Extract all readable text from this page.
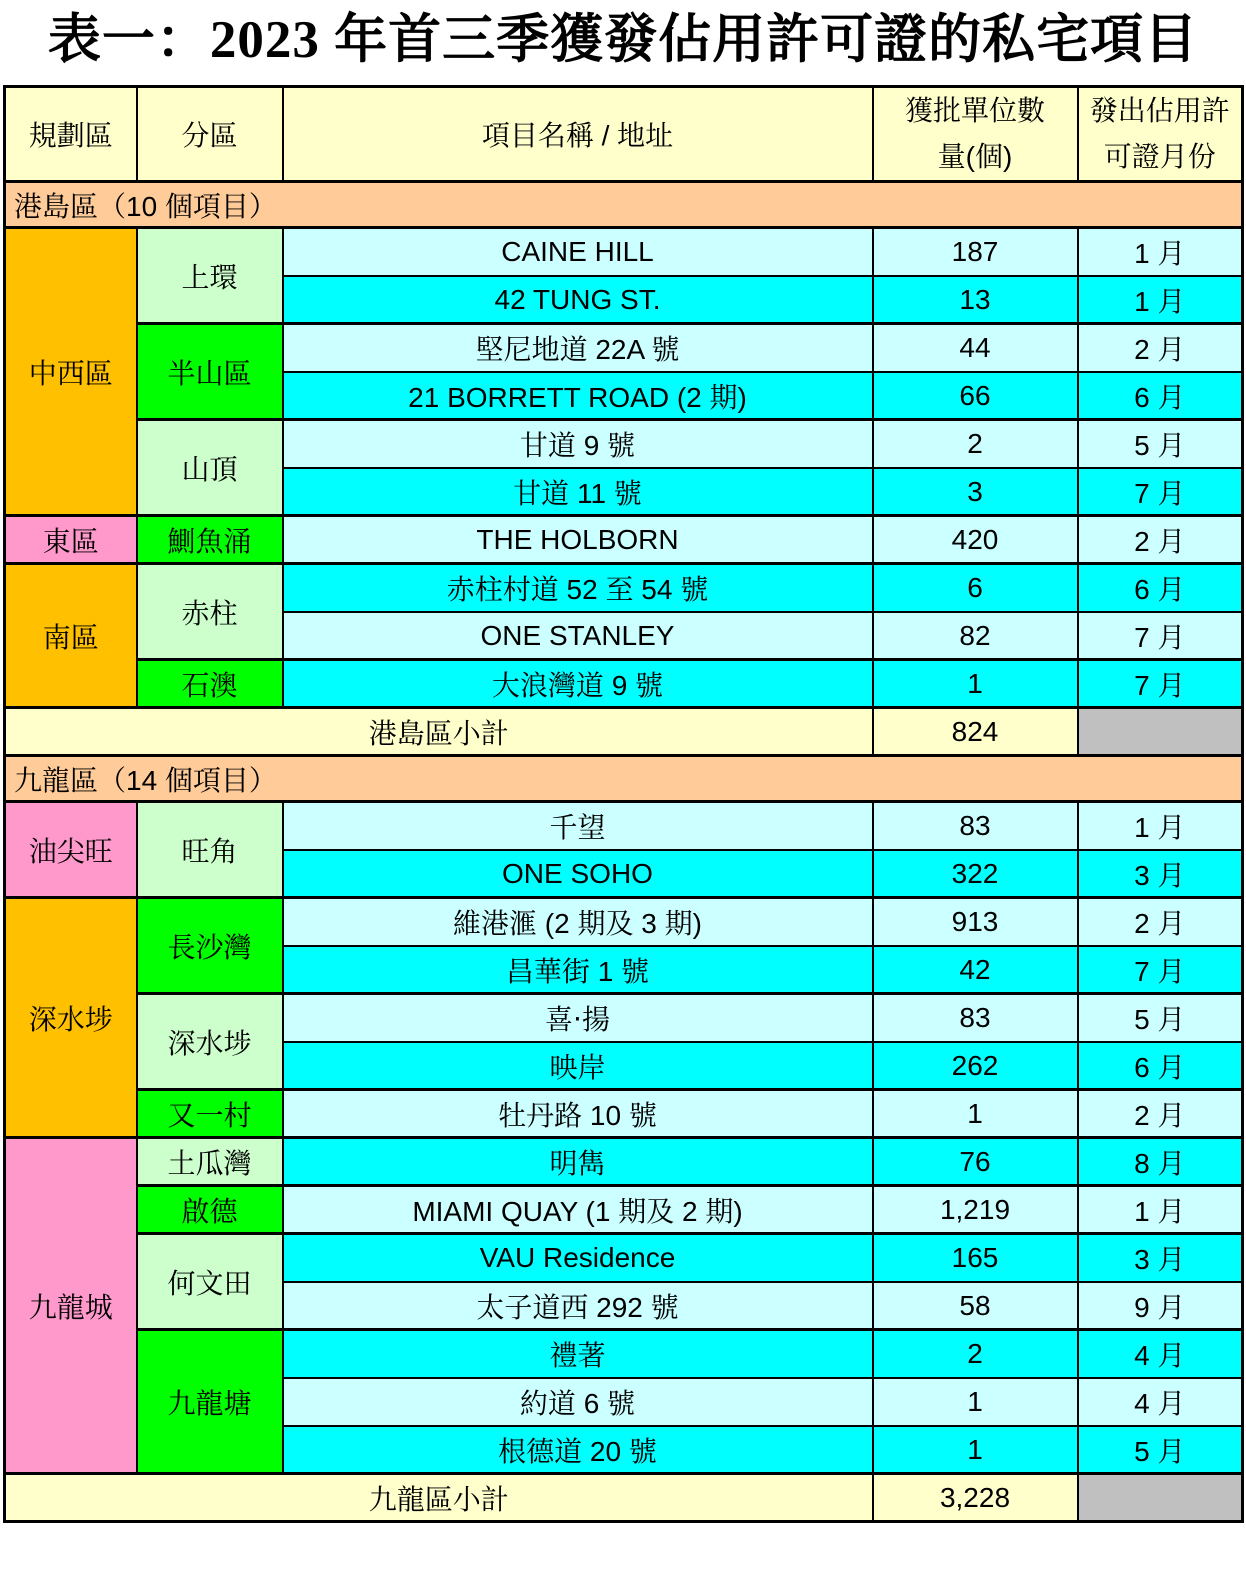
表一：2023 年首三季獲發佔用許可證的私宅項目
規劃區	分區	項目名稱 / 地址	獲批單位數量(個)	發出佔用許可證月份
港島區（10 個項目）				
中西區	上環	CAINE HILL	187	1 月
		42 TUNG ST.	13	1 月
	半山區	堅尼地道 22A 號	44	2 月
		21 BORRETT ROAD (2 期)	66	6 月
	山頂	甘道 9 號	2	5 月
		甘道 11 號	3	7 月
東區	鰂魚涌	THE HOLBORN	420	2 月
南區	赤柱	赤柱村道 52 至 54 號	6	6 月
		ONE STANLEY	82	7 月
	石澳	大浪灣道 9 號	1	7 月
港島區小計			824	
九龍區（14 個項目）				
油尖旺	旺角	千望	83	1 月
		ONE SOHO	322	3 月
深水埗	長沙灣	維港滙 (2 期及 3 期)	913	2 月
		昌華街 1 號	42	7 月
	深水埗	喜‧揚	83	5 月
		映岸	262	6 月
	又一村	牡丹路 10 號	1	2 月
九龍城	土瓜灣	明雋	76	8 月
	啟德	MIAMI QUAY (1 期及 2 期)	1,219	1 月
	何文田	VAU Residence	165	3 月
		太子道西 292 號	58	9 月
	九龍塘	禮著	2	4 月
		約道 6 號	1	4 月
		根德道 20 號	1	5 月
九龍區小計			3,228	
